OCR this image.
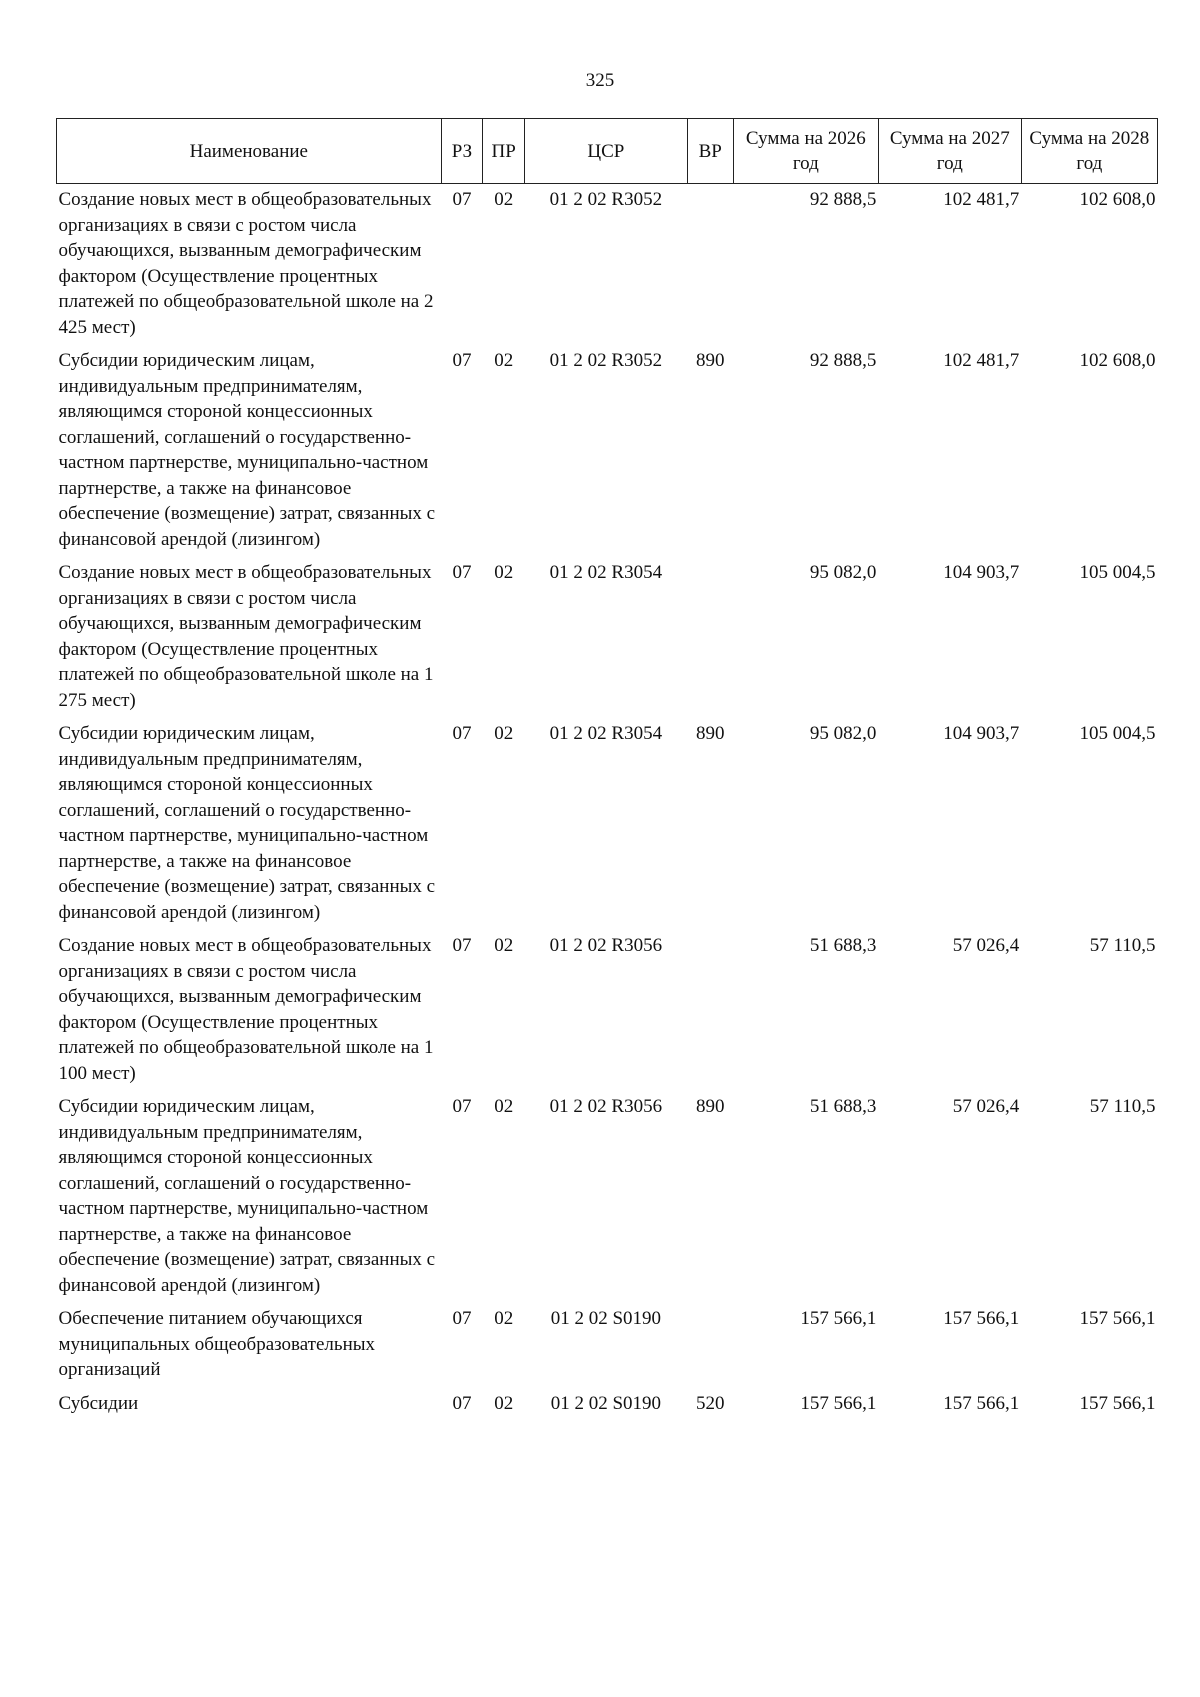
325
Наименование	РЗ	ПР	ЦСР	ВР	Сумма на 2026 год	Сумма на 2027 год	Сумма на 2028 год
Создание новых мест в общеобразовательных организациях в связи с ростом числа обучающихся, вызванным демографическим фактором (Осуществление процентных платежей по общеобразовательной школе на 2 425 мест)	07	02	01 2 02 R3052		92 888,5	102 481,7	102 608,0
Субсидии юридическим лицам, индивидуальным предпринимателям, являющимся стороной концессионных соглашений, соглашений о государственно-частном партнерстве, муниципально-частном партнерстве, а также на финансовое обеспечение (возмещение) затрат, связанных с финансовой арендой (лизингом)	07	02	01 2 02 R3052	890	92 888,5	102 481,7	102 608,0
Создание новых мест в общеобразовательных организациях в связи с ростом числа обучающихся, вызванным демографическим фактором (Осуществление процентных платежей по общеобразовательной школе на 1 275 мест)	07	02	01 2 02 R3054		95 082,0	104 903,7	105 004,5
Субсидии юридическим лицам, индивидуальным предпринимателям, являющимся стороной концессионных соглашений, соглашений о государственно-частном партнерстве, муниципально-частном партнерстве, а также на финансовое обеспечение (возмещение) затрат, связанных с финансовой арендой (лизингом)	07	02	01 2 02 R3054	890	95 082,0	104 903,7	105 004,5
Создание новых мест в общеобразовательных организациях в связи с ростом числа обучающихся, вызванным демографическим фактором (Осуществление процентных платежей по общеобразовательной школе на 1 100 мест)	07	02	01 2 02 R3056		51 688,3	57 026,4	57 110,5
Субсидии юридическим лицам, индивидуальным предпринимателям, являющимся стороной концессионных соглашений, соглашений о государственно-частном партнерстве, муниципально-частном партнерстве, а также на финансовое обеспечение (возмещение) затрат, связанных с финансовой арендой (лизингом)	07	02	01 2 02 R3056	890	51 688,3	57 026,4	57 110,5
Обеспечение питанием обучающихся муниципальных общеобразовательных организаций	07	02	01 2 02 S0190		157 566,1	157 566,1	157 566,1
Субсидии	07	02	01 2 02 S0190	520	157 566,1	157 566,1	157 566,1
